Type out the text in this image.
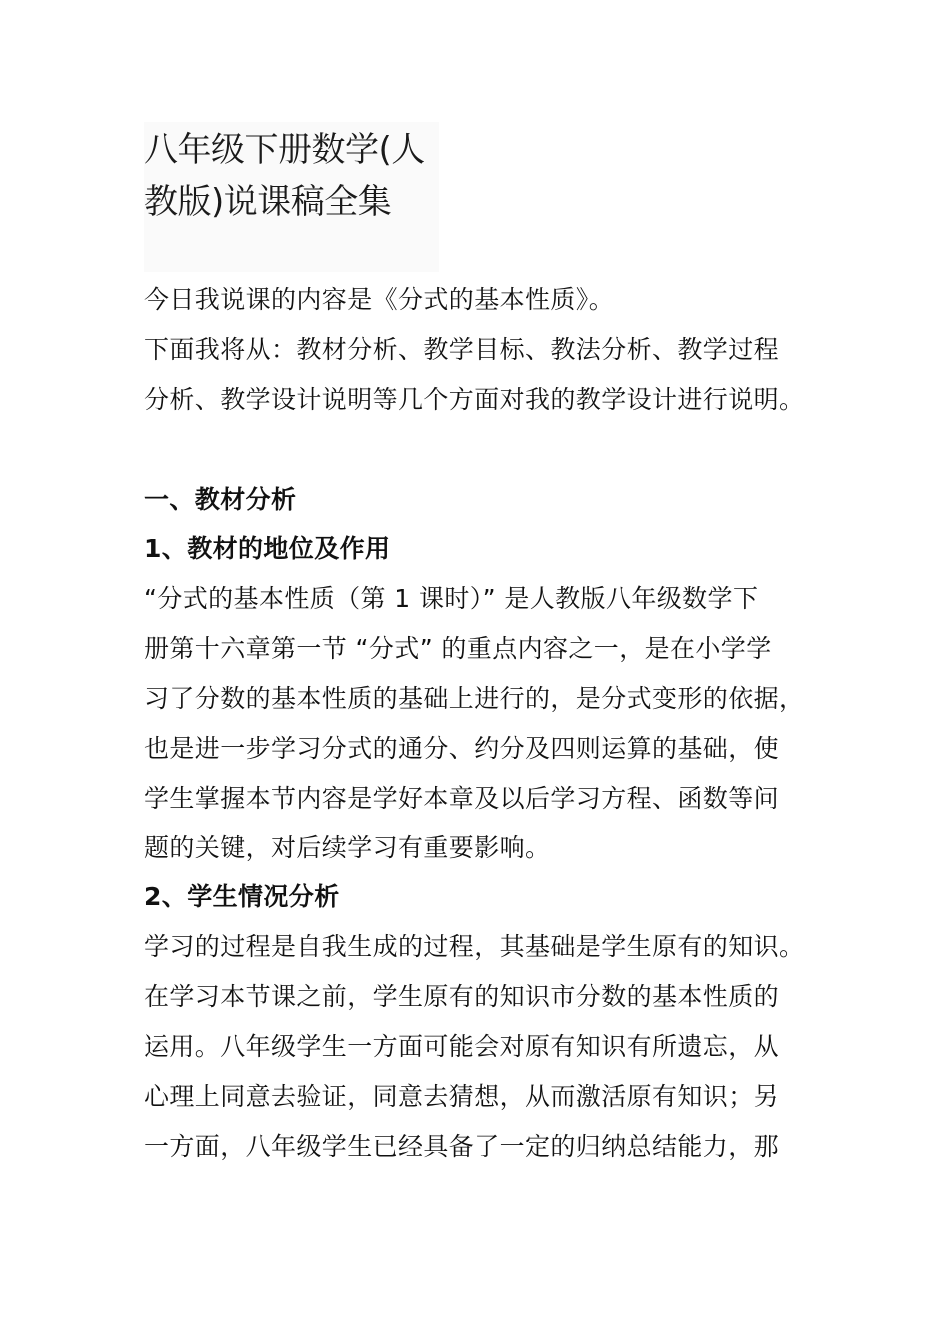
八年级下册数学(人
教版)说课稿全集
今日我说课的内容是《分式的基本性质》。
下面我将从：教材分析、教学目标、教法分析、教学过程
分析、教学设计说明等几个方面对我的教学设计进行说明。
一、教材分析
1、教材的地位及作用
“分式的基本性质（第 1 课时）” 是人教版八年级数学下
册第十六章第一节 “分式” 的重点内容之一，是在小学学
习了分数的基本性质的基础上进行的，是分式变形的依据，
也是进一步学习分式的通分、约分及四则运算的基础，使
学生掌握本节内容是学好本章及以后学习方程、函数等问
题的关键，对后续学习有重要影响。
2、学生情况分析
学习的过程是自我生成的过程，其基础是学生原有的知识。
在学习本节课之前，学生原有的知识市分数的基本性质的
运用。八年级学生一方面可能会对原有知识有所遗忘，从
心理上同意去验证，同意去猜想，从而激活原有知识；另
一方面，八年级学生已经具备了一定的归纳总结能力，那
